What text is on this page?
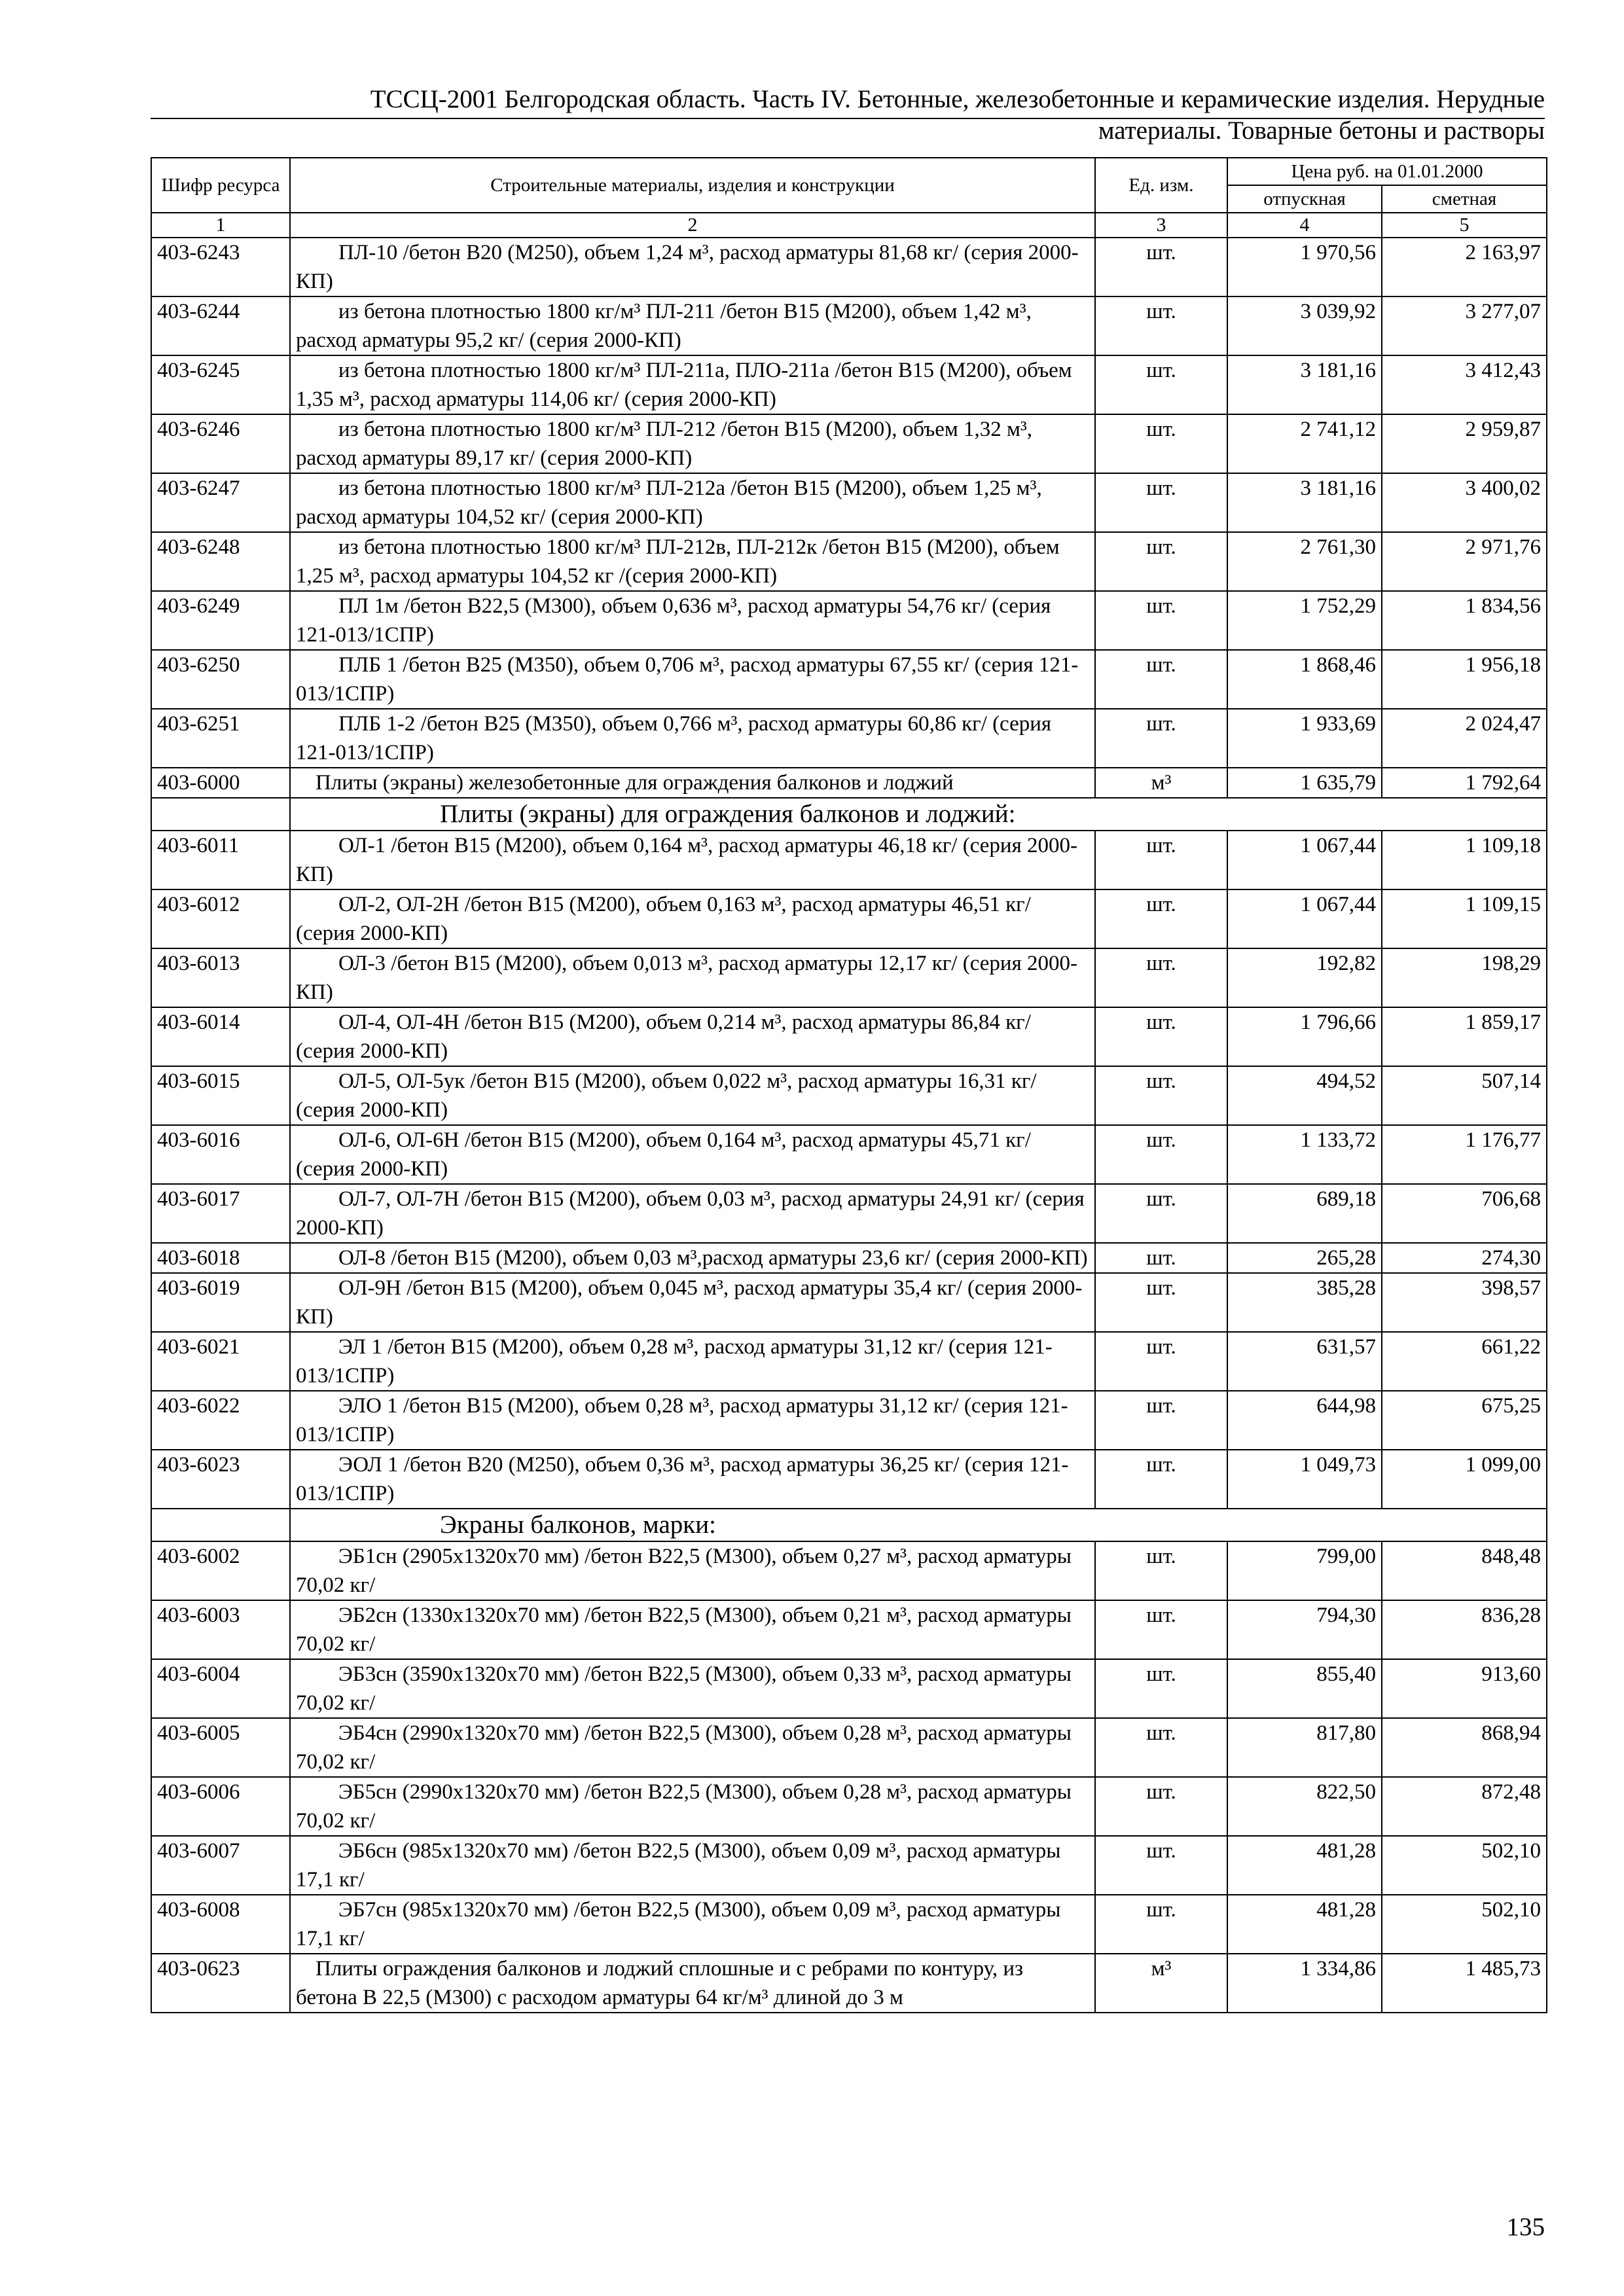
ТССЦ-2001 Белгородская область. Часть IV. Бетонные, железобетонные и керамические изделия. Нерудные
материалы. Товарные бетоны и растворы
Шифр ресурса	Строительные материалы, изделия и конструкции	Ед. изм.	Цена руб. на 01.01.2000	
			отпускная	сметная
1	2	3	4	5
403-6243	ПЛ-10 /бетон В20 (М250), объем 1,24 м³, расход арматуры 81,68 кг/ (серия 2000-КП)	шт.	1 970,56	2 163,97
403-6244	из бетона плотностью 1800 кг/м³ ПЛ-211 /бетон В15 (М200), объем 1,42 м³, расход арматуры 95,2 кг/ (серия 2000-КП)	шт.	3 039,92	3 277,07
403-6245	из бетона плотностью 1800 кг/м³ ПЛ-211а, ПЛО-211а /бетон В15 (М200), объем 1,35 м³, расход арматуры 114,06 кг/ (серия 2000-КП)	шт.	3 181,16	3 412,43
403-6246	из бетона плотностью 1800 кг/м³ ПЛ-212 /бетон В15 (М200), объем 1,32 м³, расход арматуры 89,17 кг/ (серия 2000-КП)	шт.	2 741,12	2 959,87
403-6247	из бетона плотностью 1800 кг/м³ ПЛ-212а /бетон В15 (М200), объем 1,25 м³, расход арматуры 104,52 кг/ (серия 2000-КП)	шт.	3 181,16	3 400,02
403-6248	из бетона плотностью 1800 кг/м³ ПЛ-212в, ПЛ-212к /бетон В15 (М200), объем 1,25 м³, расход арматуры 104,52 кг /(серия 2000-КП)	шт.	2 761,30	2 971,76
403-6249	ПЛ 1м /бетон В22,5 (М300), объем 0,636 м³, расход арматуры 54,76 кг/ (серия 121-013/1СПР)	шт.	1 752,29	1 834,56
403-6250	ПЛБ 1 /бетон В25 (М350), объем 0,706 м³, расход арматуры 67,55 кг/ (серия 121-013/1СПР)	шт.	1 868,46	1 956,18
403-6251	ПЛБ 1-2 /бетон В25 (М350), объем 0,766 м³, расход арматуры 60,86 кг/ (серия 121-013/1СПР)	шт.	1 933,69	2 024,47
403-6000	Плиты (экраны) железобетонные для ограждения балконов и лоджий	м³	1 635,79	1 792,64
	Плиты (экраны) для ограждения балконов и лоджий:			
403-6011	ОЛ-1 /бетон В15 (М200), объем 0,164 м³, расход арматуры 46,18 кг/ (серия 2000-КП)	шт.	1 067,44	1 109,18
403-6012	ОЛ-2, ОЛ-2Н /бетон В15 (М200), объем 0,163 м³, расход арматуры 46,51 кг/ (серия 2000-КП)	шт.	1 067,44	1 109,15
403-6013	ОЛ-3 /бетон В15 (М200), объем 0,013 м³, расход арматуры 12,17 кг/ (серия 2000-КП)	шт.	192,82	198,29
403-6014	ОЛ-4, ОЛ-4Н /бетон В15 (М200), объем 0,214 м³, расход арматуры 86,84 кг/ (серия 2000-КП)	шт.	1 796,66	1 859,17
403-6015	ОЛ-5, ОЛ-5ук /бетон В15 (М200), объем 0,022 м³, расход арматуры 16,31 кг/ (серия 2000-КП)	шт.	494,52	507,14
403-6016	ОЛ-6, ОЛ-6Н /бетон В15 (М200), объем 0,164 м³, расход арматуры 45,71 кг/ (серия 2000-КП)	шт.	1 133,72	1 176,77
403-6017	ОЛ-7, ОЛ-7Н /бетон В15 (М200), объем 0,03 м³, расход арматуры 24,91 кг/ (серия 2000-КП)	шт.	689,18	706,68
403-6018	ОЛ-8 /бетон В15 (М200), объем 0,03 м³,расход арматуры 23,6 кг/ (серия 2000-КП)	шт.	265,28	274,30
403-6019	ОЛ-9Н /бетон В15 (М200), объем 0,045 м³, расход арматуры 35,4 кг/ (серия 2000-КП)	шт.	385,28	398,57
403-6021	ЭЛ 1 /бетон В15 (М200), объем 0,28 м³, расход арматуры 31,12 кг/ (серия 121-013/1СПР)	шт.	631,57	661,22
403-6022	ЭЛО 1 /бетон В15 (М200), объем 0,28 м³, расход арматуры 31,12 кг/ (серия 121-013/1СПР)	шт.	644,98	675,25
403-6023	ЭОЛ 1 /бетон В20 (М250), объем 0,36 м³, расход арматуры 36,25 кг/ (серия 121-013/1СПР)	шт.	1 049,73	1 099,00
	Экраны балконов, марки:			
403-6002	ЭБ1сн (2905х1320х70 мм) /бетон В22,5 (М300), объем 0,27 м³, расход арматуры 70,02 кг/	шт.	799,00	848,48
403-6003	ЭБ2сн (1330х1320х70 мм) /бетон В22,5 (М300), объем 0,21 м³, расход арматуры 70,02 кг/	шт.	794,30	836,28
403-6004	ЭБ3сн (3590х1320х70 мм) /бетон В22,5 (М300), объем 0,33 м³, расход арматуры 70,02 кг/	шт.	855,40	913,60
403-6005	ЭБ4сн (2990х1320х70 мм) /бетон В22,5 (М300), объем 0,28 м³, расход арматуры 70,02 кг/	шт.	817,80	868,94
403-6006	ЭБ5сн (2990х1320х70 мм) /бетон В22,5 (М300), объем 0,28 м³, расход арматуры 70,02 кг/	шт.	822,50	872,48
403-6007	ЭБ6сн (985х1320х70 мм) /бетон В22,5 (М300), объем 0,09 м³, расход арматуры 17,1 кг/	шт.	481,28	502,10
403-6008	ЭБ7сн (985х1320х70 мм) /бетон В22,5 (М300), объем 0,09 м³, расход арматуры 17,1 кг/	шт.	481,28	502,10
403-0623	Плиты ограждения балконов и лоджий сплошные и с ребрами по контуру, из бетона В 22,5 (М300) с расходом арматуры 64 кг/м³ длиной до 3 м	м³	1 334,86	1 485,73
135
